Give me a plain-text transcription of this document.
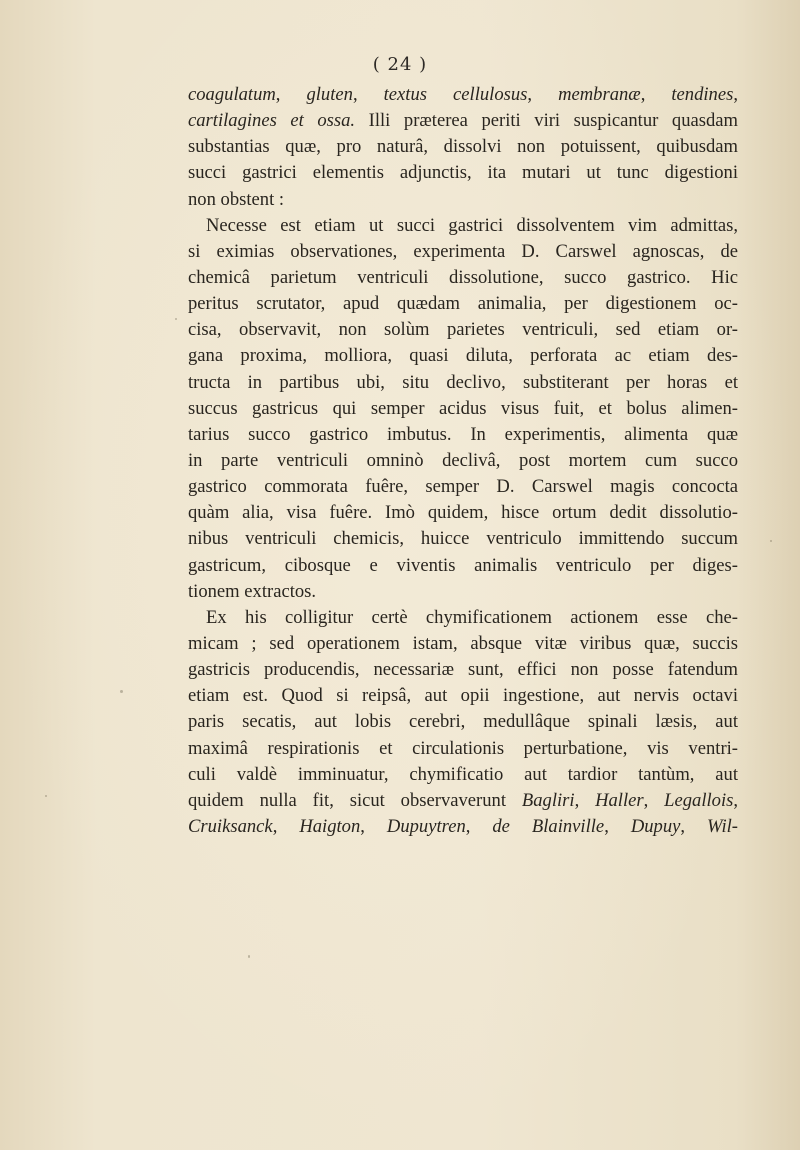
( 24 )
coagulatum, gluten, textus cellulosus, membranæ, tendines,
cartilagines et ossa. Illi præterea periti viri suspicantur quasdam
substantias quæ, pro naturâ, dissolvi non potuissent, quibusdam
succi gastrici elementis adjunctis, ita mutari ut tunc digestioni
non obstent :
Necesse est etiam ut succi gastrici dissolventem vim admittas,
si eximias observationes, experimenta D. Carswel agnoscas, de
chemicâ parietum ventriculi dissolutione, succo gastrico. Hic
peritus scrutator, apud quædam animalia, per digestionem oc-
cisa, observavit, non solùm parietes ventriculi, sed etiam or-
gana proxima, molliora, quasi diluta, perforata ac etiam des-
tructa in partibus ubi, situ declivo, substiterant per horas et
succus gastricus qui semper acidus visus fuit, et bolus alimen-
tarius succo gastrico imbutus. In experimentis, alimenta quæ
in parte ventriculi omninò declivâ, post mortem cum succo
gastrico commorata fuêre, semper D. Carswel magis concocta
quàm alia, visa fuêre. Imò quidem, hisce ortum dedit dissolutio-
nibus ventriculi chemicis, huicce ventriculo immittendo succum
gastricum, cibosque e viventis animalis ventriculo per diges-
tionem extractos.
Ex his colligitur certè chymificationem actionem esse che-
micam ; sed operationem istam, absque vitæ viribus quæ, succis
gastricis producendis, necessariæ sunt, effici non posse fatendum
etiam est. Quod si reipsâ, aut opii ingestione, aut nervis octavi
paris secatis, aut lobis cerebri, medullâque spinali læsis, aut
maximâ respirationis et circulationis perturbatione, vis ventri-
culi valdè imminuatur, chymificatio aut tardior tantùm, aut
quidem nulla fit, sicut observaverunt Bagliri, Haller, Legallois,
Cruiksanck, Haigton, Dupuytren, de Blainville, Dupuy, Wil-
